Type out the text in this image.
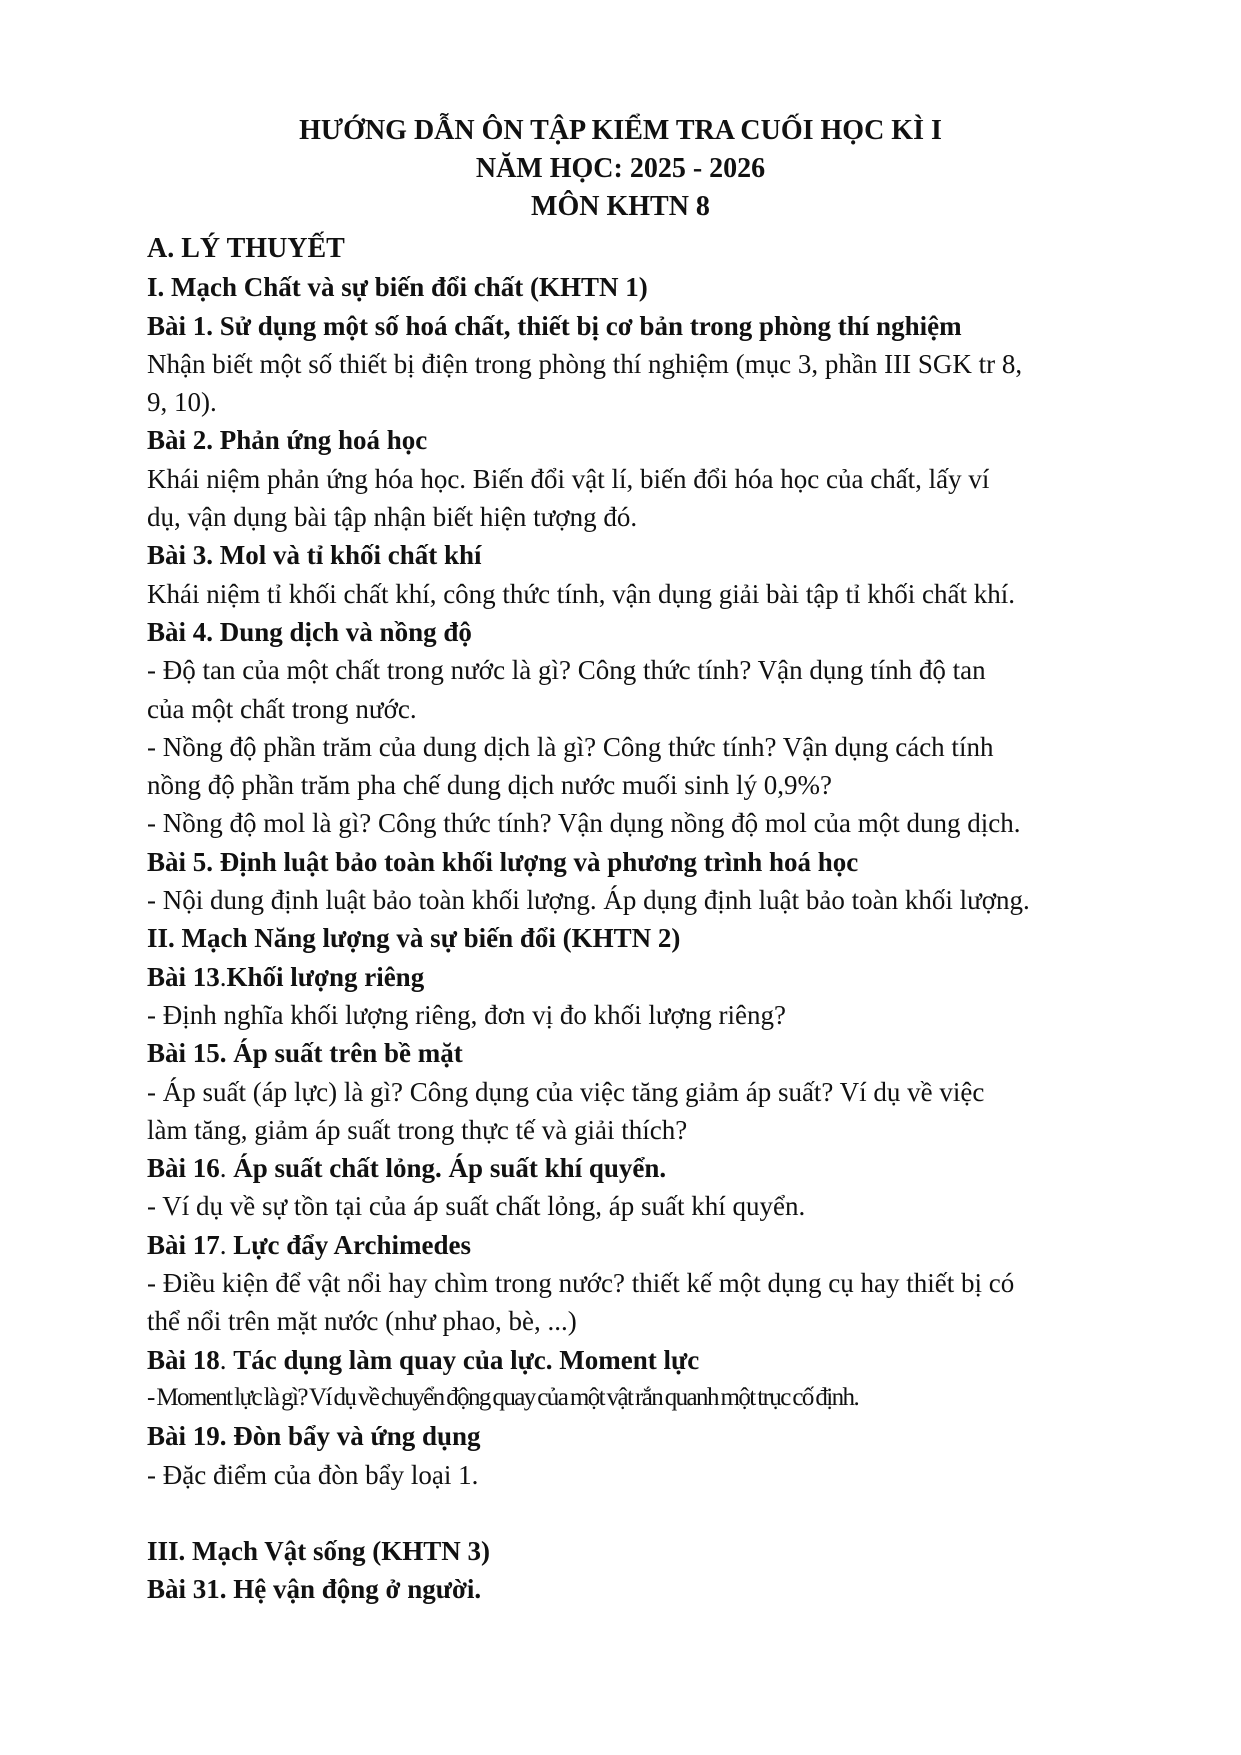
HƯỚNG DẪN ÔN TẬP KIỂM TRA CUỐI HỌC KÌ I
NĂM HỌC: 2025 - 2026
MÔN KHTN 8
A. LÝ THUYẾT
I. Mạch Chất và sự biến đổi chất (KHTN 1)
Bài 1. Sử dụng một số hoá chất, thiết bị cơ bản trong phòng thí nghiệm
Nhận biết một số thiết bị điện trong phòng thí nghiệm (mục 3, phần III SGK tr 8,
9, 10).
Bài 2. Phản ứng hoá học
Khái niệm phản ứng hóa học. Biến đổi vật lí, biến đổi hóa học của chất, lấy ví
dụ, vận dụng bài tập nhận biết hiện tượng đó.
Bài 3. Mol và tỉ khối chất khí
Khái niệm tỉ khối chất khí, công thức tính, vận dụng giải bài tập tỉ khối chất khí.
Bài 4. Dung dịch và nồng độ
- Độ tan của một chất trong nước là gì? Công thức tính? Vận dụng tính độ tan
của một chất trong nước.
- Nồng độ phần trăm của dung dịch là gì? Công thức tính? Vận dụng cách tính
nồng độ phần trăm pha chế dung dịch nước muối sinh lý 0,9%?
- Nồng độ mol là gì? Công thức tính? Vận dụng nồng độ mol của một dung dịch.
Bài 5. Định luật bảo toàn khối lượng và phương trình hoá học
- Nội dung định luật bảo toàn khối lượng. Áp dụng định luật bảo toàn khối lượng.
II. Mạch Năng lượng và sự biến đổi (KHTN 2)
Bài 13.Khối lượng riêng
- Định nghĩa khối lượng riêng, đơn vị đo khối lượng riêng?
Bài 15. Áp suất trên bề mặt
- Áp suất (áp lực) là gì? Công dụng của việc tăng giảm áp suất? Ví dụ về việc
làm tăng, giảm áp suất trong thực tế và giải thích?
Bài 16. Áp suất chất lỏng. Áp suất khí quyển.
- Ví dụ về sự tồn tại của áp suất chất lỏng, áp suất khí quyển.
Bài 17. Lực đẩy Archimedes
- Điều kiện để vật nổi hay chìm trong nước? thiết kế một dụng cụ hay thiết bị có
thể nổi trên mặt nước (như phao, bè, ...)
Bài 18. Tác dụng làm quay của lực. Moment lực
- Moment lực là gì? Ví dụ về chuyển động quay của một vật rắn quanh một trục cố định.
Bài 19. Đòn bẩy và ứng dụng
- Đặc điểm của đòn bẩy loại 1.
III. Mạch Vật sống (KHTN 3)
Bài 31. Hệ vận động ở người.
